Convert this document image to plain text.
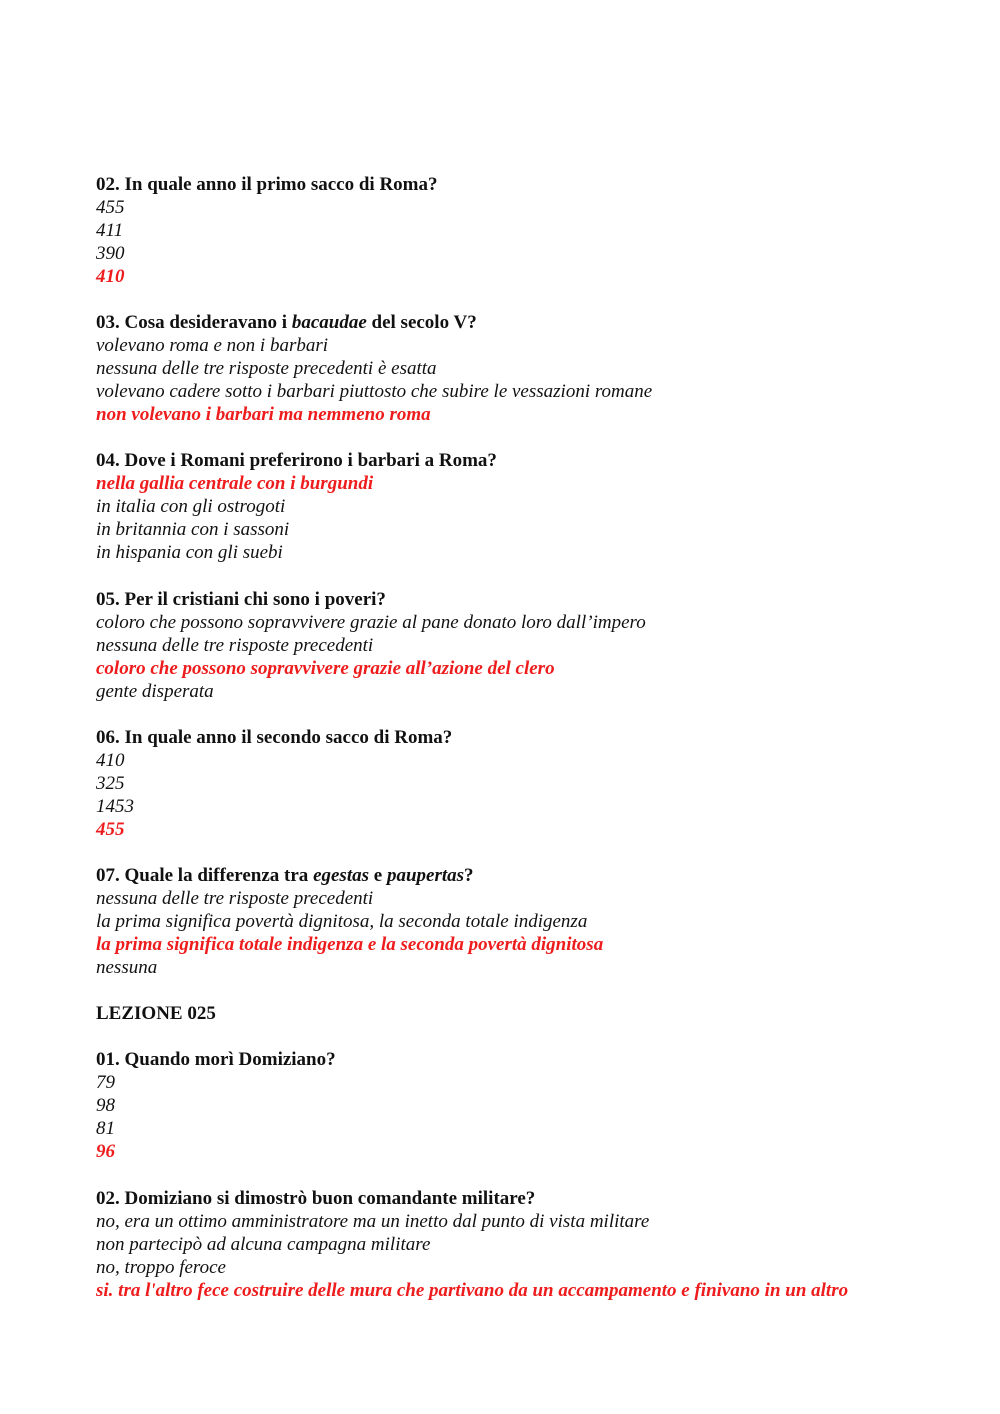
02. In quale anno il primo sacco di Roma?
455
411
390
410
03. Cosa desideravano i bacaudae del secolo V?
volevano roma e non i barbari
nessuna delle tre risposte precedenti è esatta
volevano cadere sotto i barbari piuttosto che subire le vessazioni romane
non volevano i barbari ma nemmeno roma
04. Dove i Romani preferirono i barbari a Roma?
nella gallia centrale con i burgundi
in italia con gli ostrogoti
in britannia con i sassoni
in hispania con gli suebi
05. Per il cristiani chi sono i poveri?
coloro che possono sopravvivere grazie al pane donato loro dall’impero
nessuna delle tre risposte precedenti
coloro che possono sopravvivere grazie all’azione del clero
gente disperata
06. In quale anno il secondo sacco di Roma?
410
325
1453
455
07. Quale la differenza tra egestas e paupertas?
nessuna delle tre risposte precedenti
la prima significa povertà dignitosa, la seconda totale indigenza
la prima significa totale indigenza e la seconda povertà dignitosa
nessuna
LEZIONE 025
01. Quando morì Domiziano?
79
98
81
96
02. Domiziano si dimostrò buon comandante militare?
no, era un ottimo amministratore ma un inetto dal punto di vista militare
non partecipò ad alcuna campagna militare
no, troppo feroce
si. tra l'altro fece costruire delle mura che partivano da un accampamento e finivano in un altro
